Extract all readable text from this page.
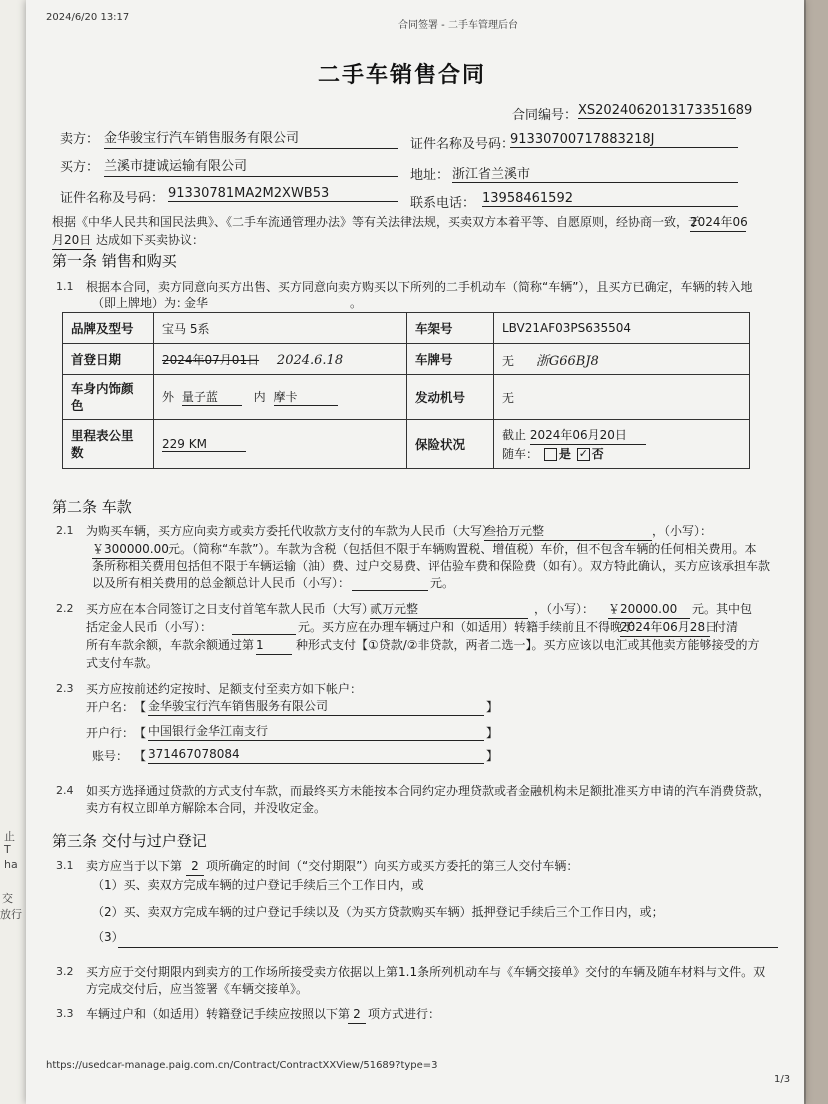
止
T
ha
交
放行
2024/6/20 13:17
合同签署 - 二手车管理后台
二手车销售合同
合同编号： XS2024062013173351689
卖方： 金华骏宝行汽车销售服务有限公司	证件名称及号码：
91330700717883218J
买方： 兰溪市捷诚运输有限公司
地址： 浙江省兰溪市
证件名称及号码： 91330781MA2M2XWB53
联系电话： 13958461592
根据《中华人民共和国民法典》、《二手车流通管理办法》等有关法律法规，买卖双方本着平等、自愿原则，经协商一致，于
2024年06
月20日 达成如下买卖协议：
第一条 销售和购买
1.1 根据本合同，卖方同意向买方出售、买方同意向卖方购买以下所列的二手机动车（简称“车辆”），且买方已确定，车辆的转入地
（即上牌地）为：
金华	。
品牌及型号	宝马 5系	车架号	LBV21AF03PS635504
首登日期	2024年07月01日 2024.6.18	车牌号	无 浙G66BJ8
车身内饰颜色	外 量子蓝 内 摩卡	发动机号	无
里程表公里数	229 KM	保险状况	截止 2024年06月20日
随车： 是 ✓ 否
第二条 车款
2.1 为购买车辆，买方应向卖方或卖方委托代收款方支付的车款为人民币（大写）
叁拾万元整	，（小写）：
￥300000.00 元。（简称“车款”）。车款为含税（包括但不限于车辆购置税、增值税）车价，但不包含车辆的任何相关费用。本
条所称相关费用包括但不限于车辆运输（油）费、过户交易费、评估验车费和保险费（如有）。双方特此确认，买方应该承担车款
以及所有相关费用的总金额总计人民币（小写）：	元。
2.2 买方应在本合同签订之日支付首笔车款人民币（大写）
贰万元整	，（小写）： ￥20000.00	元。其中包
括定金人民币（小写）：	元。买方应在办理车辆过户和（如适用）转籍手续前且不得晚于
2024年06月28日
付清
所有车款余额，车款余额通过第 1	种形式支付【①贷款/②非贷款，两者二选一】。买方应该以电汇或其他卖方能够接受的方
式支付车款。
2.3 买方应按前述约定按时、足额支付至卖方如下帐户：
开户名： 【 金华骏宝行汽车销售服务有限公司	】
开户行： 【 中国银行金华江南支行	】
账号： 【 371467078084	】
2.4 如买方选择通过贷款的方式支付车款，而最终买方未能按本合同约定办理贷款或者金融机构未足额批准买方申请的汽车消费贷款，
卖方有权立即单方解除本合同，并没收定金。
第三条 交付与过户登记
3.1 卖方应当于以下第 2 项所确定的时间（“交付期限”）向买方或买方委托的第三人交付车辆：
（1）买、卖双方完成车辆的过户登记手续后三个工作日内，或
（2）买、卖双方完成车辆的过户登记手续以及（为买方贷款购买车辆）抵押登记手续后三个工作日内，或；
（3）
3.2 买方应于交付期限内到卖方的工作场所接受卖方依据以上第1.1条所列机动车与《车辆交接单》交付的车辆及随车材料与文件。双
方完成交付后，应当签署《车辆交接单》。
3.3 车辆过户和（如适用）转籍登记手续应按照以下第 2 项方式进行：
https://usedcar-manage.paig.com.cn/Contract/ContractXXView/51689?type=3
1/3
